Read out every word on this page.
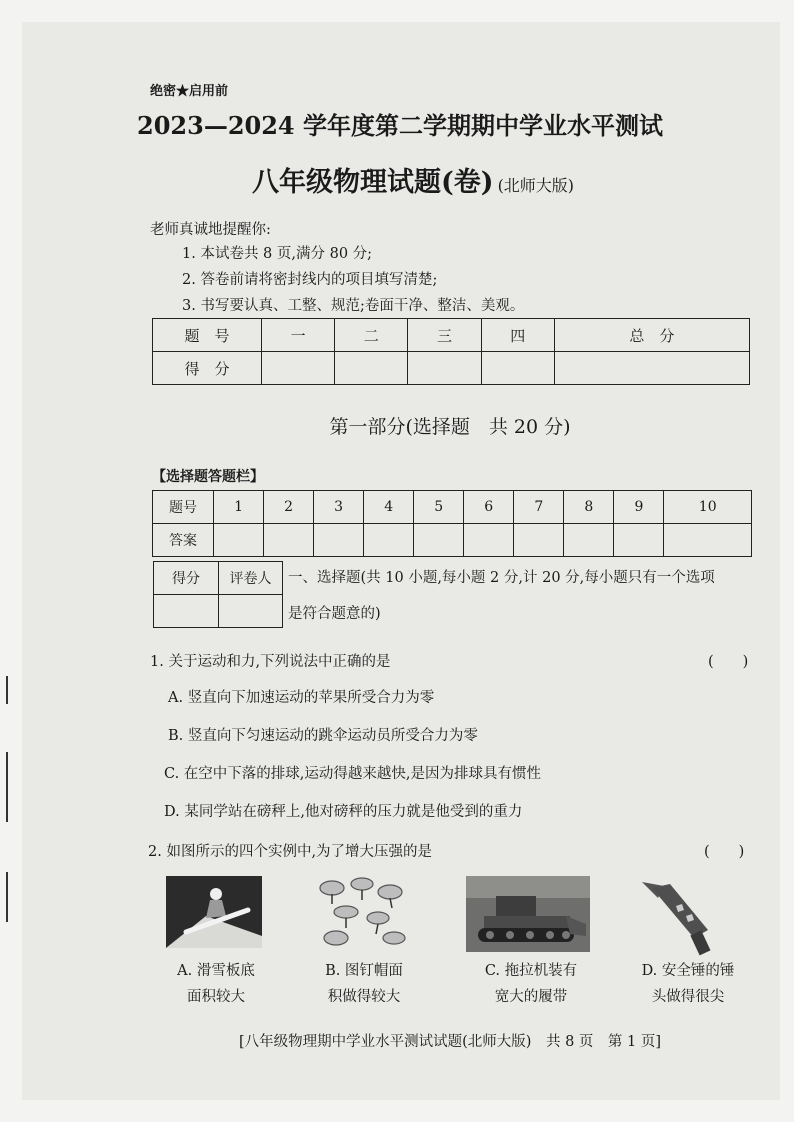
绝密★启用前
2023—2024 学年度第二学期期中学业水平测试
八年级物理试题(卷) (北师大版)
老师真诚地提醒你:
1. 本试卷共 8 页,满分 80 分;
2. 答卷前请将密封线内的项目填写清楚;
3. 书写要认真、工整、规范;卷面干净、整洁、美观。
题　号	一	二	三	四	总　分
得　分					
第一部分(选择题　共 20 分)
【选择题答题栏】
题号	1	2	3	4	5	6	7	8	9	10
答案										
得分	评卷人
	一、选择题(共 10 小题,每小题 2 分,计 20 分,每小题只有一个选项
是符合题意的)
1. 关于运动和力,下列说法中正确的是	(　　)
A. 竖直向下加速运动的苹果所受合力为零
B. 竖直向下匀速运动的跳伞运动员所受合力为零
C. 在空中下落的排球,运动得越来越快,是因为排球具有惯性
D. 某同学站在磅秤上,他对磅秤的压力就是他受到的重力
2. 如图所示的四个实例中,为了增大压强的是	(　　)
A. 滑雪板底
面积较大
B. 图钉帽面
积做得较大
C. 拖拉机装有
宽大的履带
D. 安全锤的锤
头做得很尖
[八年级物理期中学业水平测试试题(北师大版)　共 8 页　第 1 页]
